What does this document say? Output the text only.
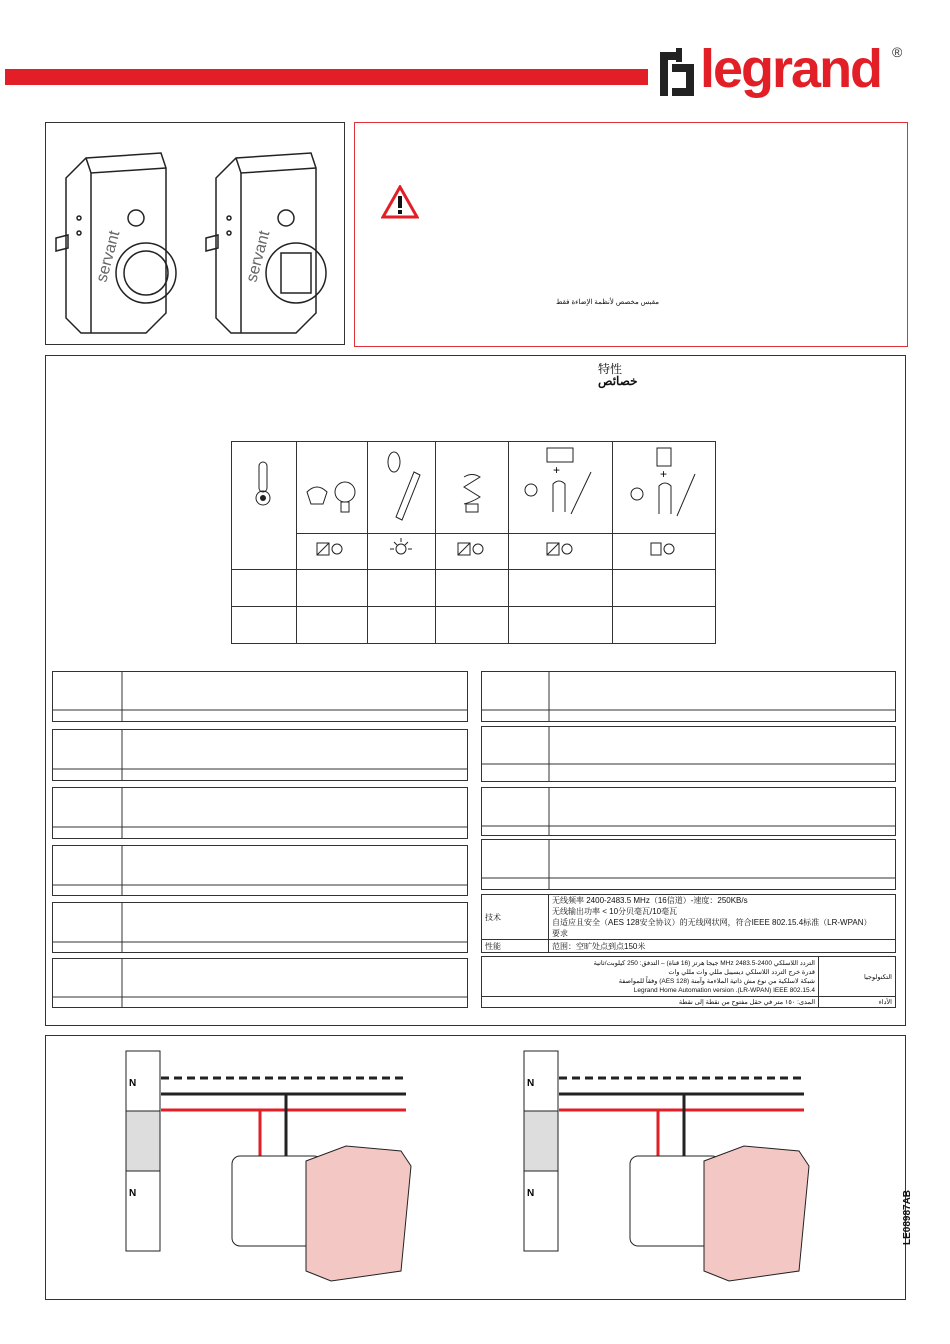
legrand ®
servant	servant
مقبس مخصص لأنظمة الإضاءة فقط
特性
خصائص

+	+

技术	无线频率 2400-2483.5 MHz（16信道）-速度：250KB/s
无线输出功率 < 10分贝毫瓦/10毫瓦
自适应且安全（AES 128安全协议）的无线网状网，符合IEEE 802.15.4标准（LR-WPAN）
要求

性能	范围：空旷处点到点150米
التردد اللاسلكي 2400-2483.5 MHz جيجا هرتز (16 قناة) – التدفق: 250 كيلوبت/ثانية
قدرة خرج التردد اللاسلكي ديسيبل مللي وات مللي وات
شبكة لاسلكية من نوع مش ذاتية الملاءمة وآمنة (AES 128) وفقاً للمواصفة
Legrand Home Automation version .(LR-WPAN) IEEE 802.15.4	التكنولوجيا
المدى: ١٥٠ متر في حقل مفتوح من نقطة إلى نقطة	الأداء
N
N
N
N	LE08987AB
